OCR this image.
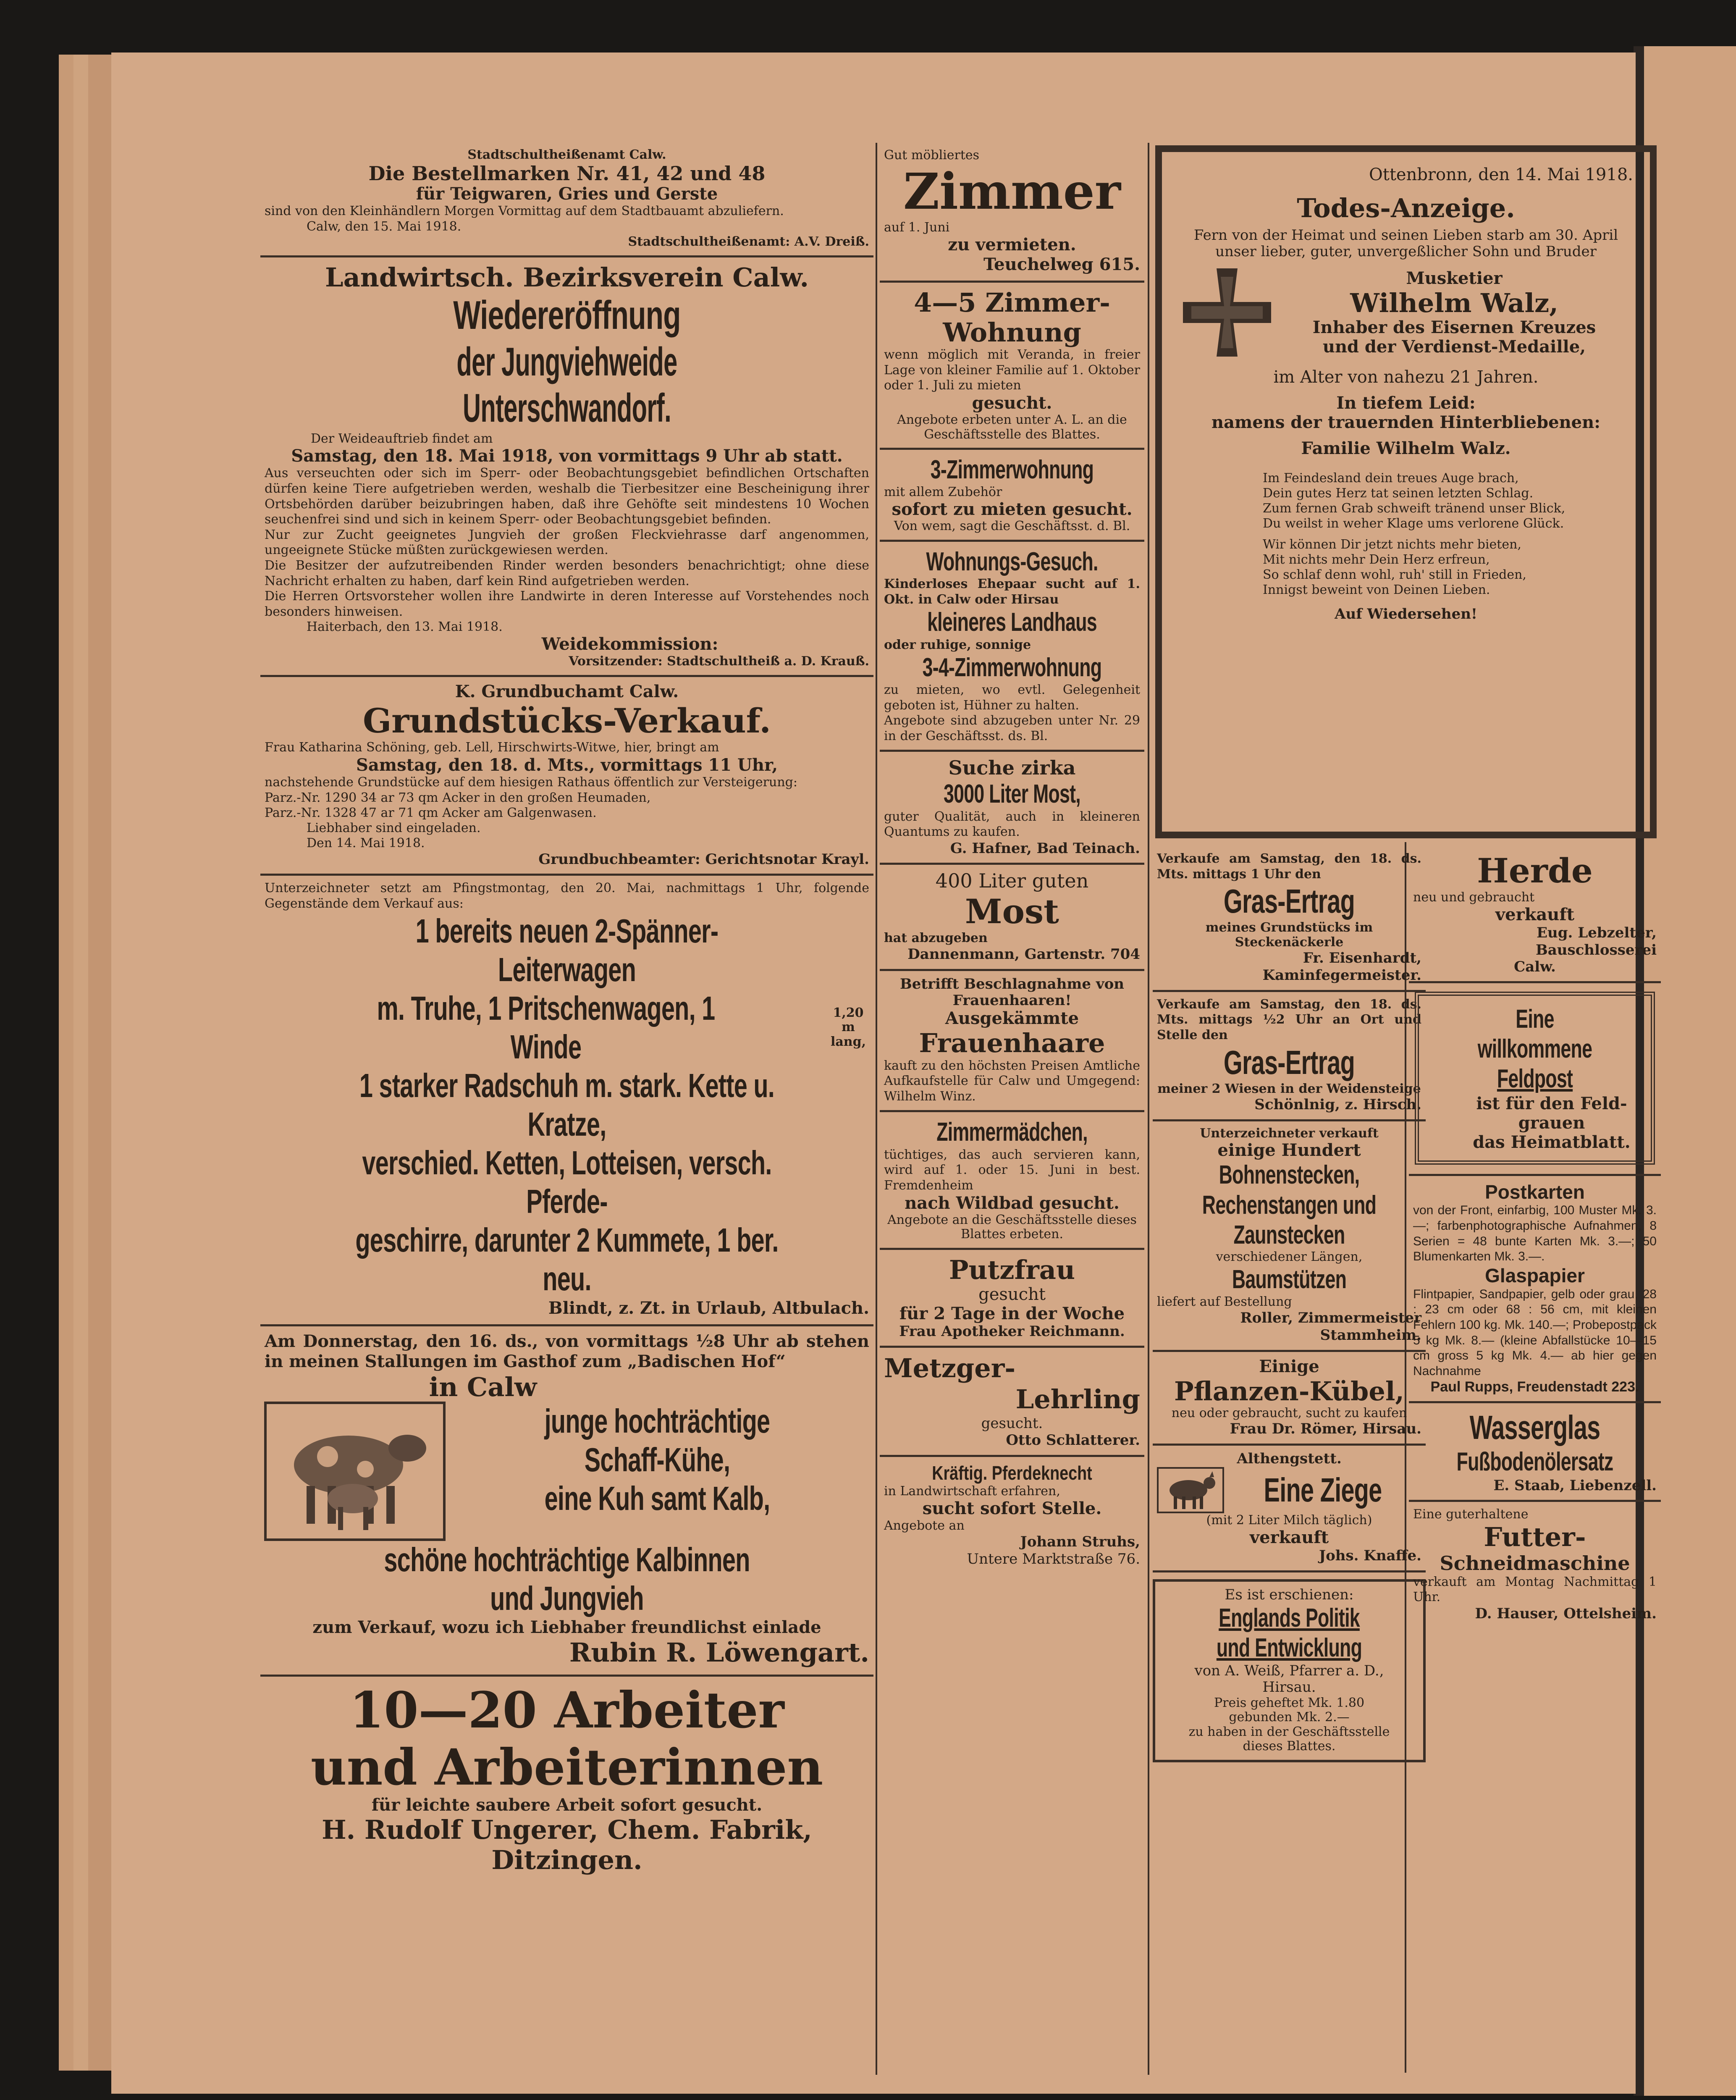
Stadtschultheißenamt Calw.
Die Bestellmarken Nr. 41, 42 und 48
für Teigwaren, Gries und Gerste
sind von den Kleinhändlern Morgen Vormittag auf dem Stadtbauamt abzuliefern.
Calw, den 15. Mai 1918.
Stadtschultheißenamt: A.V. Dreiß.
Landwirtsch. Bezirksverein Calw.
Wiedereröffnung
der Jungviehweide Unterschwandorf.
Der Weideauftrieb findet am
Samstag, den 18. Mai 1918, von vormittags 9 Uhr ab statt.
Aus verseuchten oder sich im Sperr- oder Beobachtungsgebiet befindlichen Ortschaften dürfen keine Tiere aufgetrieben werden, weshalb die Tierbesitzer eine Bescheinigung ihrer Ortsbehörden darüber beizubringen haben, daß ihre Gehöfte seit mindestens 10 Wochen seuchenfrei sind und sich in keinem Sperr- oder Beobachtungsgebiet befinden.
Nur zur Zucht geeignetes Jungvieh der großen Fleckviehrasse darf angenommen, ungeeignete Stücke müßten zurückgewiesen werden.
Die Besitzer der aufzutreibenden Rinder werden besonders benachrichtigt; ohne diese Nachricht erhalten zu haben, darf kein Rind aufgetrieben werden.
Die Herren Ortsvorsteher wollen ihre Landwirte in deren Interesse auf Vorstehendes noch besonders hinweisen.
Haiterbach, den 13. Mai 1918.
Weidekommission:
Vorsitzender: Stadtschultheiß a. D. Krauß.
K. Grundbuchamt Calw.
Grundstücks-Verkauf.
Frau Katharina Schöning, geb. Lell, Hirschwirts-Witwe, hier, bringt am
Samstag, den 18. d. Mts., vormittags 11 Uhr,
nachstehende Grundstücke auf dem hiesigen Rathaus öffentlich zur Versteigerung:
Parz.-Nr. 1290 34 ar 73 qm Acker in den großen Heumaden,
Parz.-Nr. 1328 47 ar 71 qm Acker am Galgenwasen.
Liebhaber sind eingeladen.
Den 14. Mai 1918.
Grundbuchbeamter: Gerichtsnotar Krayl.
Unterzeichneter setzt am Pfingstmontag, den 20. Mai, nachmittags 1 Uhr, folgende Gegenstände dem Verkauf aus:
1 bereits neuen 2-Spänner-Leiterwagen
m. Truhe, 1 Pritschenwagen, 1 Winde
1,20 m lang,
1 starker Radschuh m. stark. Kette u. Kratze,
verschied. Ketten, Lotteisen, versch. Pferde-
geschirre, darunter 2 Kummete, 1 ber. neu.
Blindt, z. Zt. in Urlaub, Altbulach.
Am Donnerstag, den 16. ds., von vormittags ½8 Uhr ab stehen in meinen Stallungen im Gasthof zum „Badischen Hof“
in Calw
junge hochträchtige
Schaff-Kühe,
eine Kuh samt Kalb,
schöne hochträchtige Kalbinnen
und Jungvieh
zum Verkauf, wozu ich Liebhaber freundlichst einlade
Rubin R. Löwengart.
10—20 Arbeiter
und Arbeiterinnen
für leichte saubere Arbeit sofort gesucht.
H. Rudolf Ungerer, Chem. Fabrik, Ditzingen.
Gut möbliertes
Zimmer
auf 1. Juni
zu vermieten.
Teuchelweg 615.
4—5 Zimmer-
Wohnung
wenn möglich mit Veranda, in freier Lage von kleiner Familie auf 1. Oktober oder 1. Juli zu mieten
gesucht.
Angebote erbeten unter A. L. an die Geschäftsstelle des Blattes.
3-Zimmerwohnung
mit allem Zubehör
sofort zu mieten gesucht.
Von wem, sagt die Geschäftsst. d. Bl.
Wohnungs-Gesuch.
Kinderloses Ehepaar sucht auf 1. Okt. in Calw oder Hirsau
kleineres Landhaus
oder ruhige, sonnige
3-4-Zimmerwohnung
zu mieten, wo evtl. Gelegenheit geboten ist, Hühner zu halten.
Angebote sind abzugeben unter Nr. 29 in der Geschäftsst. ds. Bl.
Suche zirka
3000 Liter Most,
guter Qualität, auch in kleineren Quantums zu kaufen.
G. Hafner, Bad Teinach.
400 Liter guten
Most
hat abzugeben
Dannenmann, Gartenstr. 704
Betrifft Beschlagnahme von Frauenhaaren!
Ausgekämmte
Frauenhaare
kauft zu den höchsten Preisen Amtliche Aufkaufstelle für Calw und Umgegend: Wilhelm Winz.
Zimmermädchen,
tüchtiges, das auch servieren kann, wird auf 1. oder 15. Juni in best. Fremdenheim
nach Wildbad gesucht.
Angebote an die Geschäftsstelle dieses Blattes erbeten.
Putzfrau
gesucht
für 2 Tage in der Woche
Frau Apotheker Reichmann.
Metzger-
Lehrling
gesucht.
Otto Schlatterer.
Kräftig. Pferdeknecht
in Landwirtschaft erfahren,
sucht sofort Stelle.
Angebote an
Johann Struhs,
Untere Marktstraße 76.
Ottenbronn, den 14. Mai 1918.
Todes-Anzeige.
Fern von der Heimat und seinen Lieben starb am 30. April unser lieber, guter, unvergeßlicher Sohn und Bruder
Musketier
Wilhelm Walz,
Inhaber des Eisernen Kreuzes
und der Verdienst-Medaille,
im Alter von nahezu 21 Jahren.
In tiefem Leid:
namens der trauernden Hinterbliebenen:
Familie Wilhelm Walz.
Im Feindesland dein treues Auge brach,
Dein gutes Herz tat seinen letzten Schlag.
Zum fernen Grab schweift tränend unser Blick,
Du weilst in weher Klage ums verlorene Glück.
Wir können Dir jetzt nichts mehr bieten,
Mit nichts mehr Dein Herz erfreun,
So schlaf denn wohl, ruh' still in Frieden,
Innigst beweint von Deinen Lieben.
Auf Wiedersehen!
Verkaufe am Samstag, den 18. ds. Mts. mittags 1 Uhr den
Gras-Ertrag
meines Grundstücks im Steckenäckerle
Fr. Eisenhardt,
Kaminfegermeister.
Verkaufe am Samstag, den 18. ds. Mts. mittags ½2 Uhr an Ort und Stelle den
Gras-Ertrag
meiner 2 Wiesen in der Weidensteige
Schönlnig, z. Hirsch.
Unterzeichneter verkauft
einige Hundert
Bohnenstecken,
Rechenstangen und
Zaunstecken
verschiedener Längen,
Baumstützen
liefert auf Bestellung
Roller, Zimmermeister
Stammheim.
Einige
Pflanzen-Kübel,
neu oder gebraucht, sucht zu kaufen
Frau Dr. Römer, Hirsau.
Althengstett.
Eine Ziege
(mit 2 Liter Milch täglich)
verkauft
Johs. Knaffe.
Es ist erschienen:
Englands Politik
und Entwicklung
von A. Weiß, Pfarrer a. D.,
Hirsau.
Preis geheftet Mk. 1.80
gebunden Mk. 2.—
zu haben in der Geschäftsstelle
dieses Blattes.
Herde
neu und gebraucht
verkauft
Eug. Lebzelter, Bauschlosserei
Calw.
Eine willkommene
Feldpost
ist für den Feld-
grauen
das Heimatblatt.
Postkarten
von der Front, einfarbig, 100 Muster Mk. 3.—; farbenphotographische Aufnahmen, 8 Serien = 48 bunte Karten Mk. 3.—; 50 Blumenkarten Mk. 3.—.
Glaspapier
Flintpapier, Sandpapier, gelb oder grau, 28 : 23 cm oder 68 : 56 cm, mit kleinen Fehlern 100 kg. Mk. 140.—; Probepostpack 5 kg Mk. 8.— (kleine Abfallstücke 10—15 cm gross 5 kg Mk. 4.— ab hier gegen Nachnahme
Paul Rupps, Freudenstadt 223.
Wasserglas
Fußbodenölersatz
E. Staab, Liebenzell.
Eine guterhaltene
Futter-
Schneidmaschine
verkauft am Montag Nachmittag 1 Uhr.
D. Hauser, Ottelsheim.
